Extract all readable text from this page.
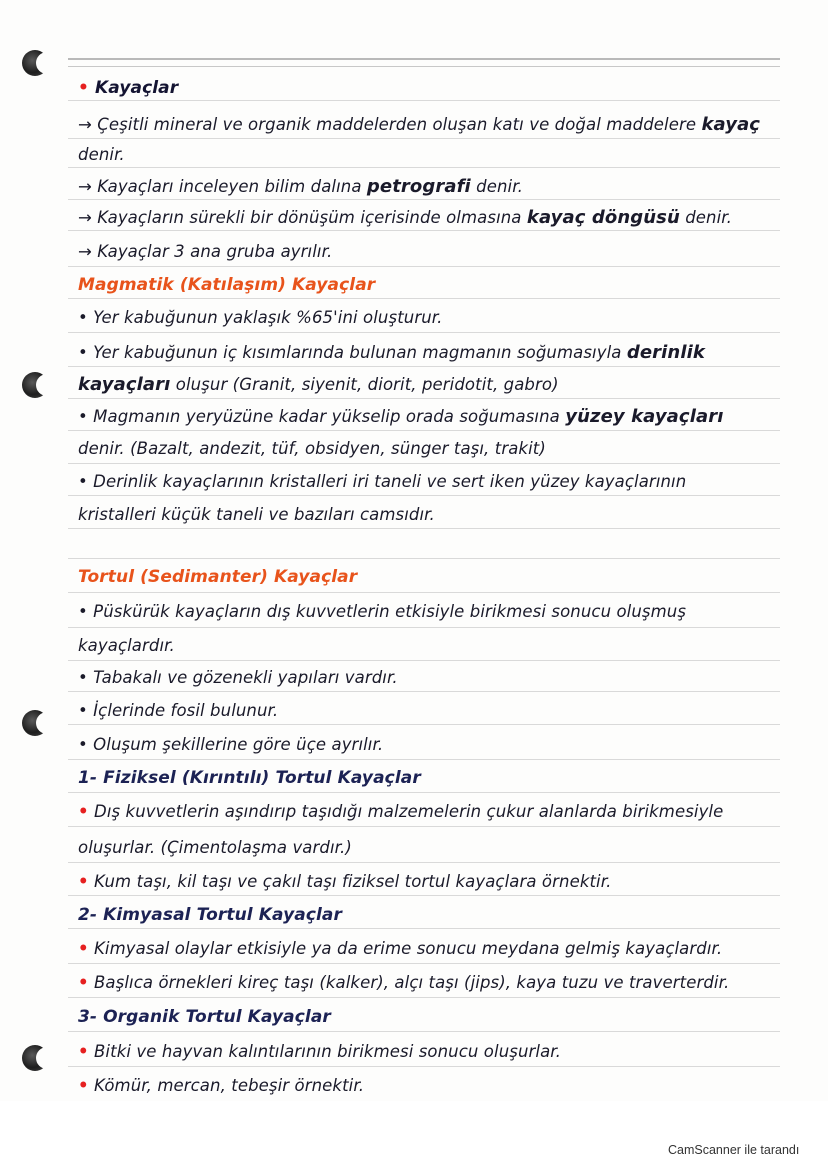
• Kayaçlar
→ Çeşitli mineral ve organik maddelerden oluşan katı ve doğal maddelere kayaç
denir.
→ Kayaçları inceleyen bilim dalına petrografi denir.
→ Kayaçların sürekli bir dönüşüm içerisinde olmasına kayaç döngüsü denir.
→ Kayaçlar 3 ana gruba ayrılır.
Magmatik (Katılaşım) Kayaçlar
• Yer kabuğunun yaklaşık %65'ini oluşturur.
• Yer kabuğunun iç kısımlarında bulunan magmanın soğumasıyla derinlik
kayaçları oluşur (Granit, siyenit, diorit, peridotit, gabro)
• Magmanın yeryüzüne kadar yükselip orada soğumasına yüzey kayaçları
denir. (Bazalt, andezit, tüf, obsidyen, sünger taşı, trakit)
• Derinlik kayaçlarının kristalleri iri taneli ve sert iken yüzey kayaçlarının
kristalleri küçük taneli ve bazıları camsıdır.
Tortul (Sedimanter) Kayaçlar
• Püskürük kayaçların dış kuvvetlerin etkisiyle birikmesi sonucu oluşmuş
kayaçlardır.
• Tabakalı ve gözenekli yapıları vardır.
• İçlerinde fosil bulunur.
• Oluşum şekillerine göre üçe ayrılır.
1- Fiziksel (Kırıntılı) Tortul Kayaçlar
• Dış kuvvetlerin aşındırıp taşıdığı malzemelerin çukur alanlarda birikmesiyle
oluşurlar. (Çimentolaşma vardır.)
• Kum taşı, kil taşı ve çakıl taşı fiziksel tortul kayaçlara örnektir.
2- Kimyasal Tortul Kayaçlar
• Kimyasal olaylar etkisiyle ya da erime sonucu meydana gelmiş kayaçlardır.
• Başlıca örnekleri kireç taşı (kalker), alçı taşı (jips), kaya tuzu ve traverterdir.
3- Organik Tortul Kayaçlar
• Bitki ve hayvan kalıntılarının birikmesi sonucu oluşurlar.
• Kömür, mercan, tebeşir örnektir.
CamScanner ile tarandı
